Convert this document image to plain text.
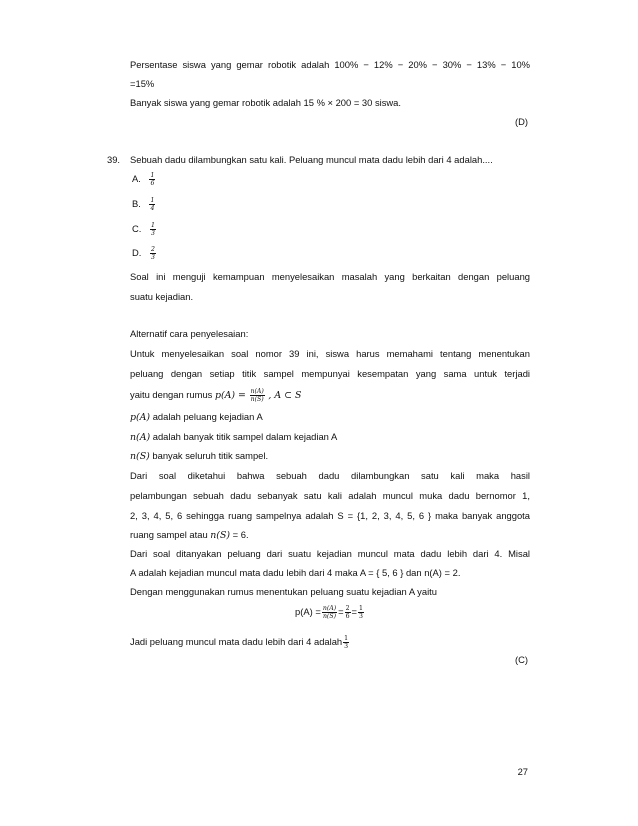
Persentase siswa yang gemar robotik adalah 100% − 12% − 20% − 30% − 13% − 10%
=15%
Banyak siswa yang gemar robotik adalah 15 % × 200 = 30 siswa.
(D)
39. Sebuah dadu dilambungkan satu kali. Peluang muncul mata dadu lebih dari 4 adalah....
A. $\frac{1}{6}$
B. $\frac{1}{4}$
C. $\frac{1}{3}$
D. $\frac{2}{3}$
Soal ini menguji kemampuan menyelesaikan masalah yang berkaitan dengan peluang
suatu kejadian.
Alternatif cara penyelesaian:
Untuk menyelesaikan soal nomor 39 ini, siswa harus memahami tentang menentukan
peluang dengan setiap titik sampel mempunyai kesempatan yang sama untuk terjadi
yaitu dengan rumus $p(A) = \frac{n(A)}{n(S)}$ , A ⊂ S
p(A) adalah peluang kejadian A
n(A) adalah banyak titik sampel dalam kejadian A
n(S) banyak seluruh titik sampel.
Dari soal diketahui bahwa sebuah dadu dilambungkan satu kali maka hasil
pelambungan sebuah dadu sebanyak satu kali adalah muncul muka dadu bernomor 1,
2, 3, 4, 5, 6 sehingga ruang sampelnya adalah S = {1, 2, 3, 4, 5, 6 } maka banyak anggota
ruang sampel atau n(S) = 6.
Dari soal ditanyakan peluang dari suatu kejadian muncul mata dadu lebih dari 4. Misal
A adalah kejadian muncul mata dadu lebih dari 4 maka A = { 5, 6 } dan n(A) = 2.
Dengan menggunakan rumus menentukan peluang suatu kejadian A yaitu
$p(A) = \frac{n(A)}{n(S)} = \frac{2}{6} = \frac{1}{3}$
Jadi peluang muncul mata dadu lebih dari 4 adalah $\frac{1}{3}$
(C)
27
